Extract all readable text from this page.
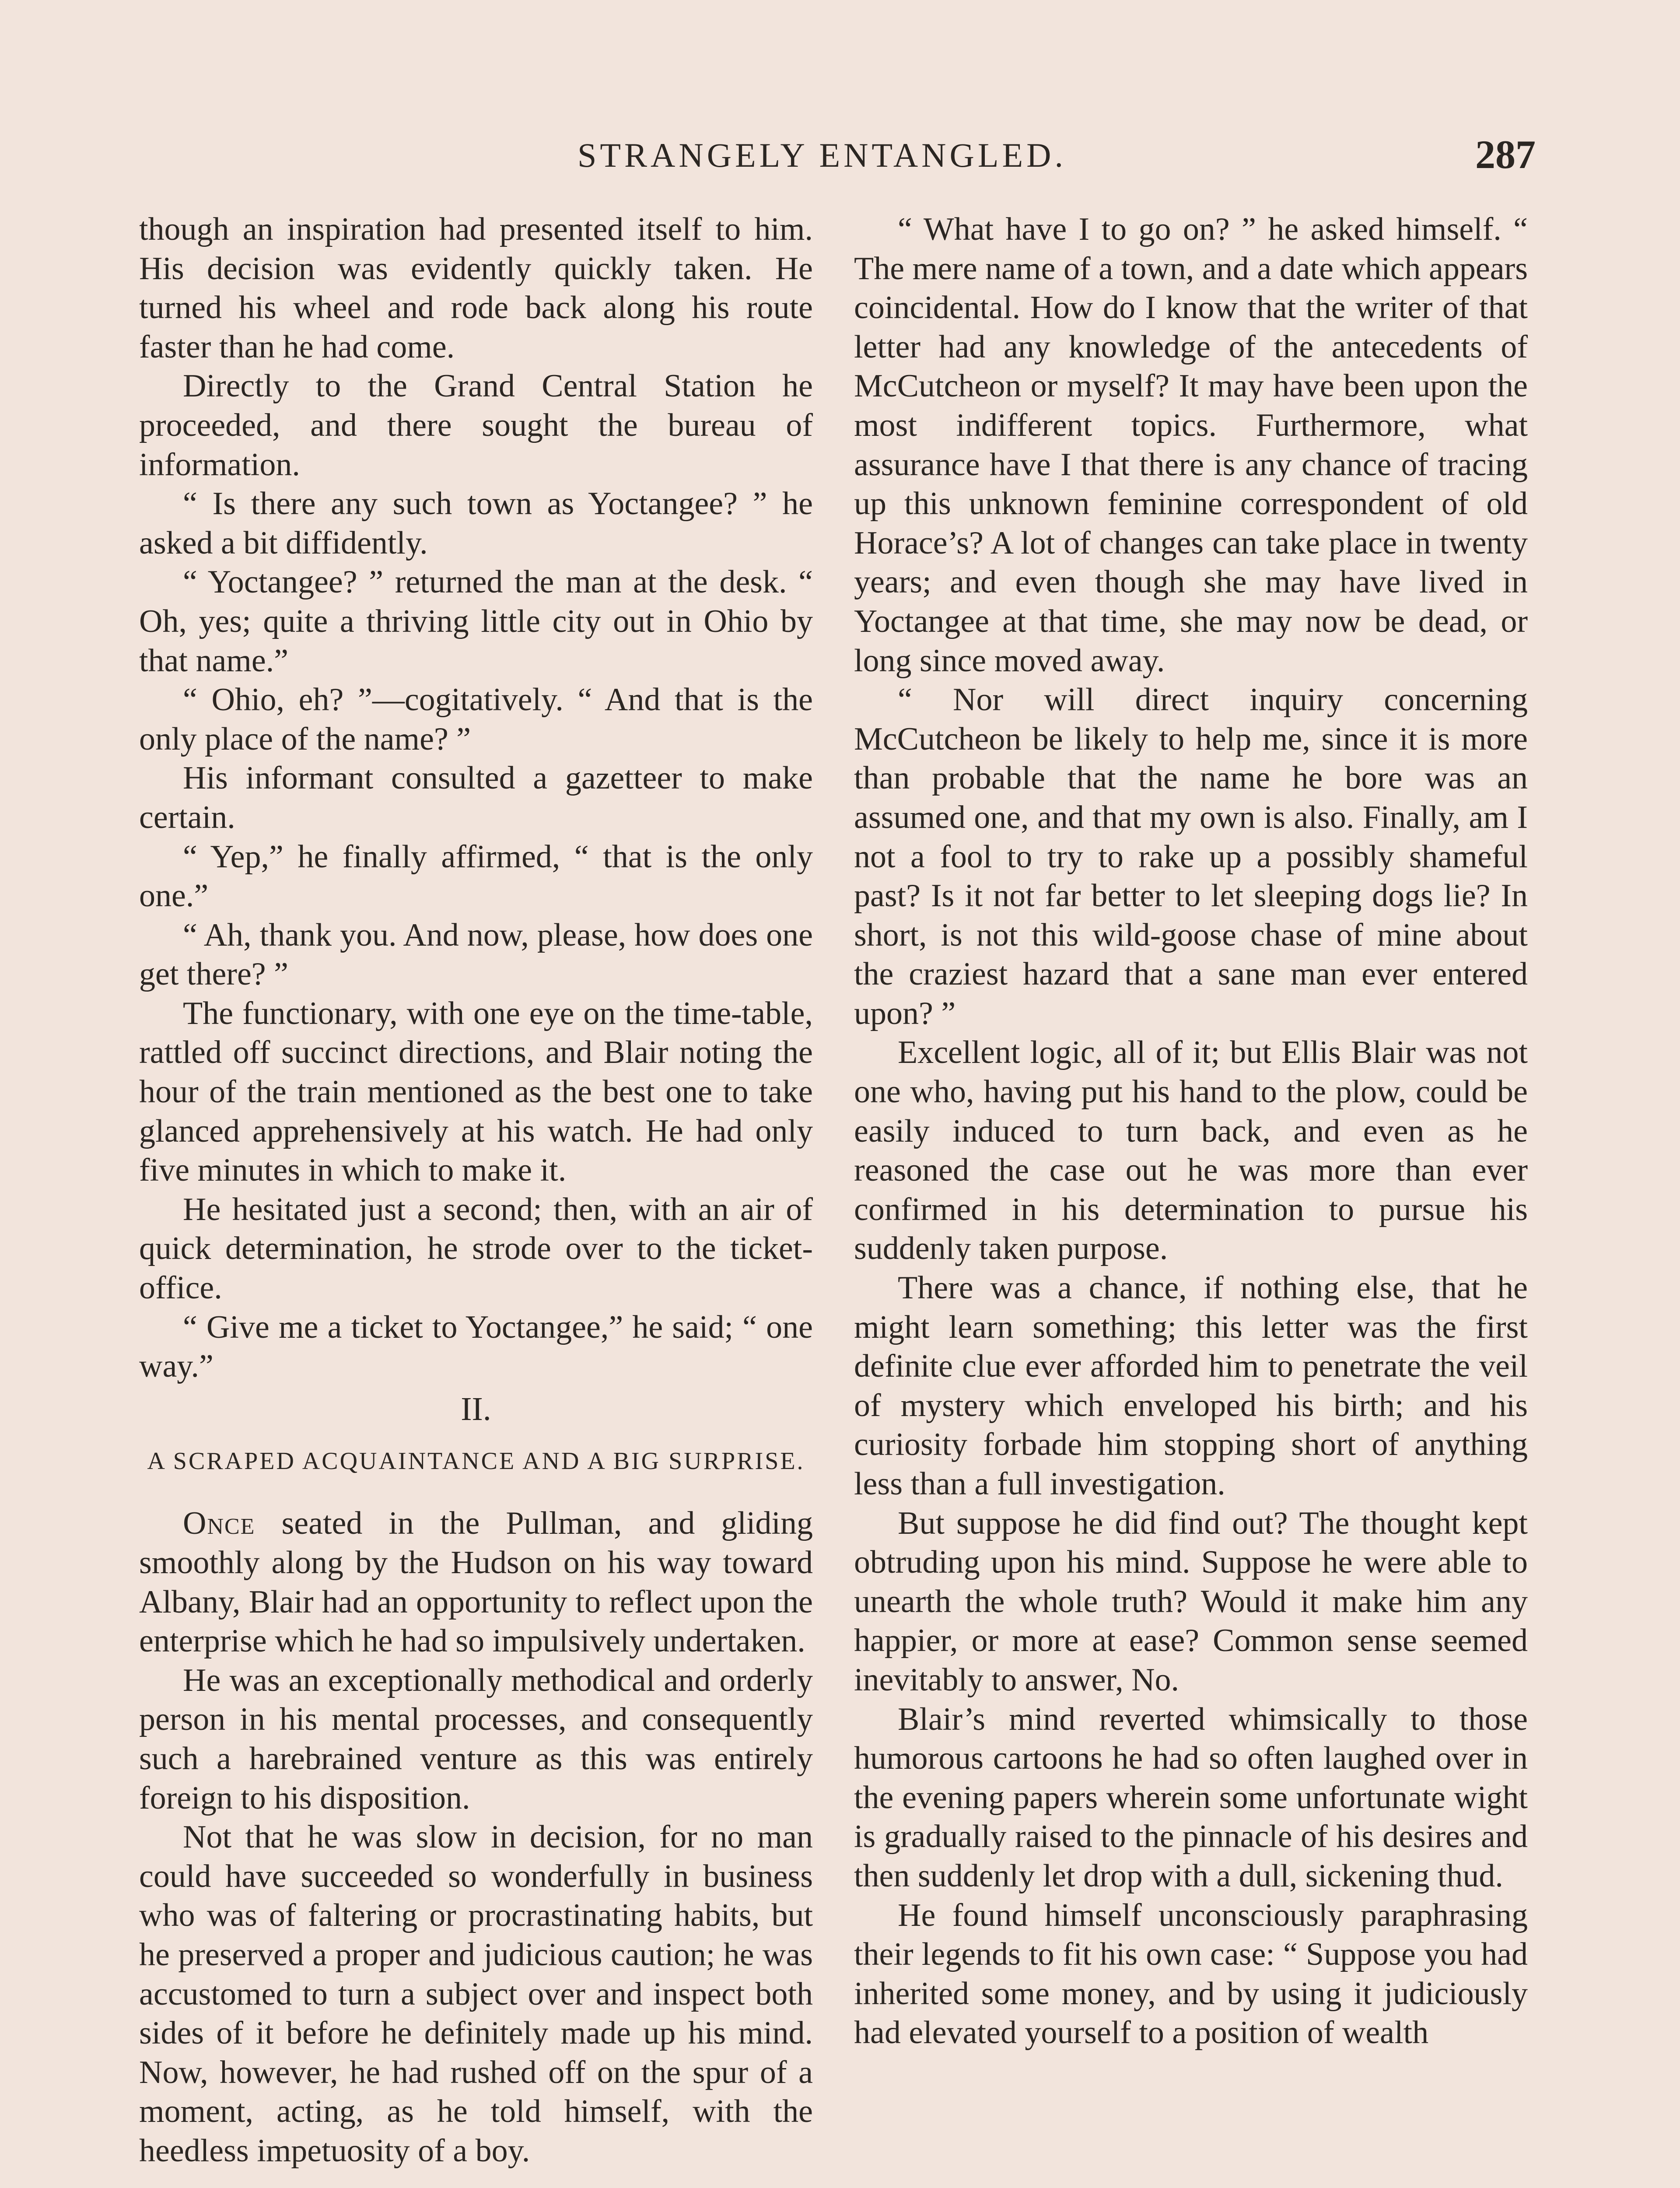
STRANGELY ENTANGLED.	287

though an inspiration had presented itself to him. His decision was evidently quickly taken. He turned his wheel and rode back along his route faster than he had come.

Directly to the Grand Central Station he proceeded, and there sought the bureau of information.

“ Is there any such town as Yoctangee? ” he asked a bit diffidently.

“ Yoctangee? ” returned the man at the desk. “ Oh, yes; quite a thriving little city out in Ohio by that name.”

“ Ohio, eh? ”—cogitatively. “ And that is the only place of the name? ”

His informant consulted a gazetteer to make certain.

“ Yep,” he finally affirmed, “ that is the only one.”

“ Ah, thank you. And now, please, how does one get there? ”

The functionary, with one eye on the time-table, rattled off succinct directions, and Blair noting the hour of the train mentioned as the best one to take glanced apprehensively at his watch. He had only five minutes in which to make it.

He hesitated just a second; then, with an air of quick determination, he strode over to the ticket-office.

“ Give me a ticket to Yoctangee,” he said; “ one way.”

II.
A SCRAPED ACQUAINTANCE AND A BIG SURPRISE.

Once seated in the Pullman, and gliding smoothly along by the Hudson on his way toward Albany, Blair had an opportunity to reflect upon the enterprise which he had so impulsively undertaken.

He was an exceptionally methodical and orderly person in his mental processes, and consequently such a harebrained venture as this was entirely foreign to his disposition.

Not that he was slow in decision, for no man could have succeeded so wonderfully in business who was of faltering or procrastinating habits, but he preserved a proper and judicious caution; he was accustomed to turn a subject over and inspect both sides of it before he definitely made up his mind. Now, however, he had rushed off on the spur of a moment, acting, as he told himself, with the heedless impetuosity of a boy.

“ What have I to go on? ” he asked himself. “ The mere name of a town, and a date which appears coincidental. How do I know that the writer of that letter had any knowledge of the antecedents of McCutcheon or myself? It may have been upon the most indifferent topics. Furthermore, what assurance have I that there is any chance of tracing up this unknown feminine correspondent of old Horace’s? A lot of changes can take place in twenty years; and even though she may have lived in Yoctangee at that time, she may now be dead, or long since moved away.

“ Nor will direct inquiry concerning McCutcheon be likely to help me, since it is more than probable that the name he bore was an assumed one, and that my own is also. Finally, am I not a fool to try to rake up a possibly shameful past? Is it not far better to let sleeping dogs lie? In short, is not this wild-goose chase of mine about the craziest hazard that a sane man ever entered upon? ”

Excellent logic, all of it; but Ellis Blair was not one who, having put his hand to the plow, could be easily induced to turn back, and even as he reasoned the case out he was more than ever confirmed in his determination to pursue his suddenly taken purpose.

There was a chance, if nothing else, that he might learn something; this letter was the first definite clue ever afforded him to penetrate the veil of mystery which enveloped his birth; and his curiosity forbade him stopping short of anything less than a full investigation.

But suppose he did find out? The thought kept obtruding upon his mind. Suppose he were able to unearth the whole truth? Would it make him any happier, or more at ease? Common sense seemed inevitably to answer, No.

Blair’s mind reverted whimsically to those humorous cartoons he had so often laughed over in the evening papers wherein some unfortunate wight is gradually raised to the pinnacle of his desires and then suddenly let drop with a dull, sickening thud.

He found himself unconsciously paraphrasing their legends to fit his own case: “ Suppose you had inherited some money, and by using it judiciously had elevated yourself to a position of wealth
